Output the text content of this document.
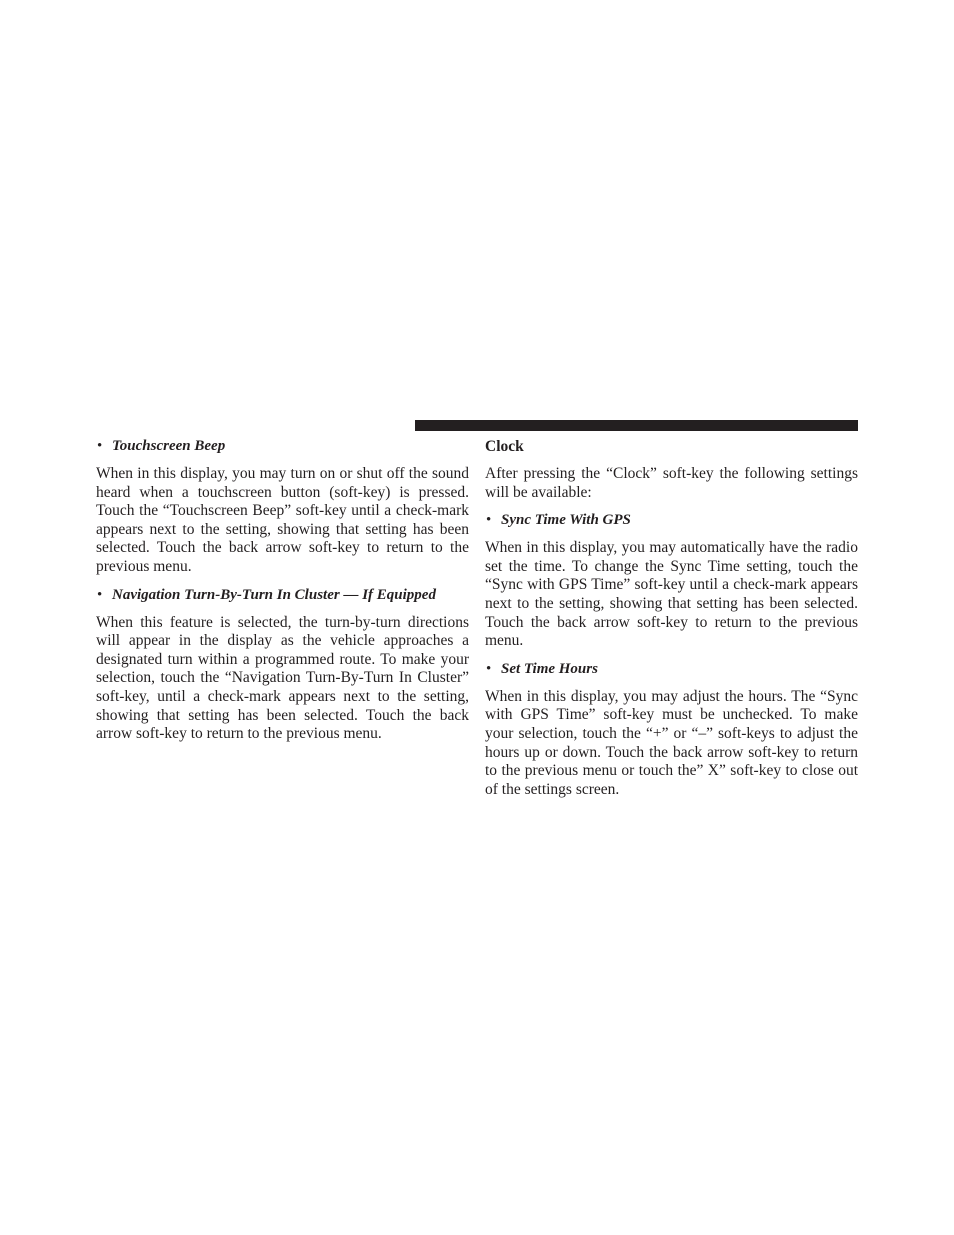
• Touchscreen Beep

When in this display, you may turn on or shut off the sound heard when a touchscreen button (soft-key) is pressed. Touch the “Touchscreen Beep” soft-key until a check-mark appears next to the setting, showing that setting has been selected. Touch the back arrow soft-key to return to the previous menu.

• Navigation Turn-By-Turn In Cluster — If Equipped

When this feature is selected, the turn-by-turn directions will appear in the display as the vehicle approaches a designated turn within a programmed route. To make your selection, touch the “Navigation Turn-By-Turn In Cluster” soft-key, until a check-mark appears next to the setting, showing that setting has been selected. Touch the back arrow soft-key to return to the previous menu.

Clock

After pressing the “Clock” soft-key the following settings will be available:

• Sync Time With GPS

When in this display, you may automatically have the radio set the time. To change the Sync Time setting, touch the “Sync with GPS Time” soft-key until a check-mark appears next to the setting, showing that setting has been selected. Touch the back arrow soft-key to return to the previous menu.

• Set Time Hours

When in this display, you may adjust the hours. The “Sync with GPS Time” soft-key must be unchecked. To make your selection, touch the “+” or “–” soft-keys to adjust the hours up or down. Touch the back arrow soft-key to return to the previous menu or touch the” X” soft-key to close out of the settings screen.
